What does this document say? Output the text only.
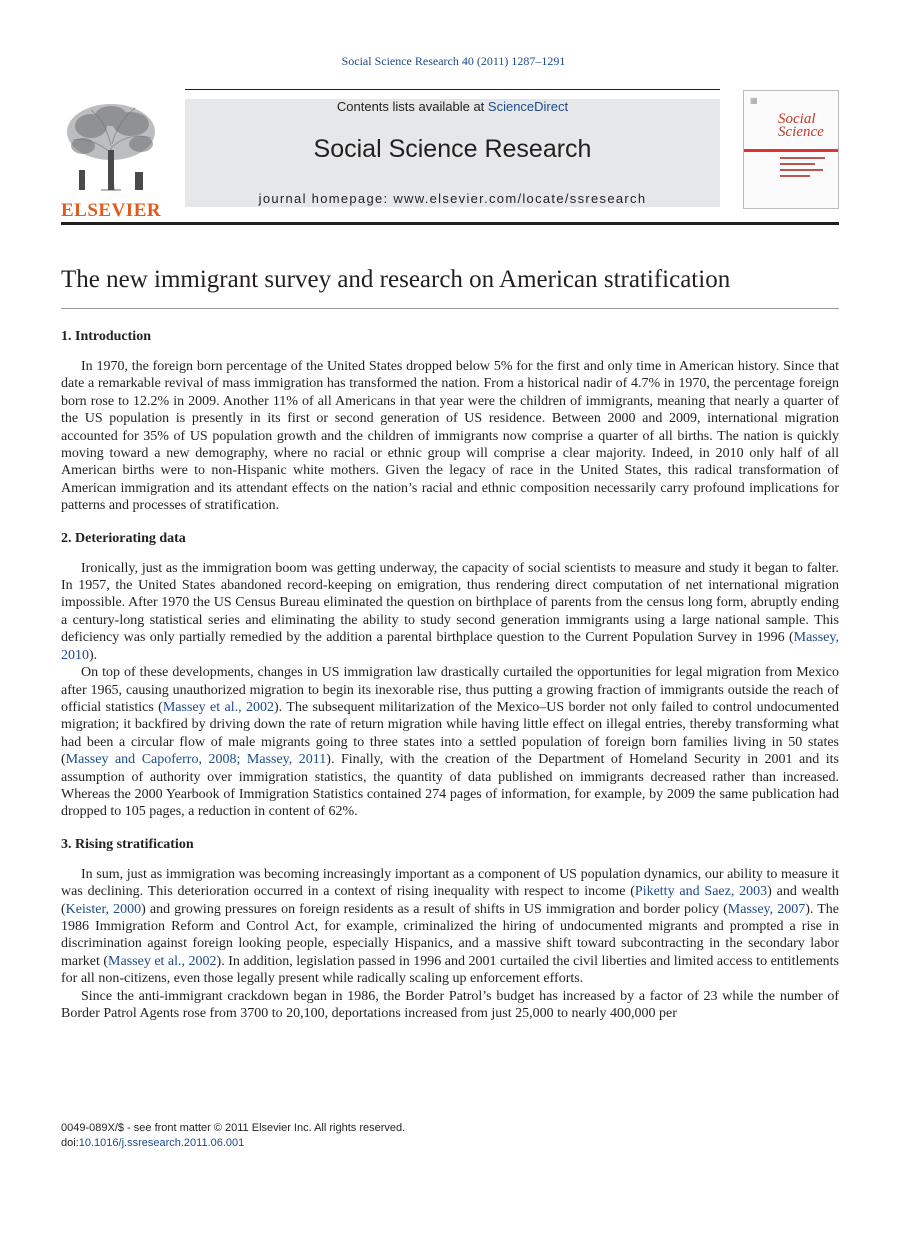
Social Science Research 40 (2011) 1287–1291
ELSEVIER
Contents lists available at ScienceDirect
Social Science Research
journal homepage: www.elsevier.com/locate/ssresearch
▦
Social
Science
The new immigrant survey and research on American stratification
1. Introduction

In 1970, the foreign born percentage of the United States dropped below 5% for the first and only time in American history. Since that date a remarkable revival of mass immigration has transformed the nation. From a historical nadir of 4.7% in 1970, the percentage foreign born rose to 12.2% in 2009. Another 11% of all Americans in that year were the children of immigrants, meaning that nearly a quarter of the US population is presently in its first or second generation of US residence. Between 2000 and 2009, international migration accounted for 35% of US population growth and the children of immigrants now comprise a quarter of all births. The nation is quickly moving toward a new demography, where no racial or ethnic group will comprise a clear majority. Indeed, in 2010 only half of all American births were to non-Hispanic white mothers. Given the legacy of race in the United States, this radical transformation of American immigration and its attendant effects on the nation’s racial and ethnic composition necessarily carry profound implications for patterns and processes of stratification.

2. Deteriorating data

Ironically, just as the immigration boom was getting underway, the capacity of social scientists to measure and study it began to falter. In 1957, the United States abandoned record-keeping on emigration, thus rendering direct computation of net international migration impossible. After 1970 the US Census Bureau eliminated the question on birthplace of parents from the census long form, abruptly ending a century-long statistical series and eliminating the ability to study second generation immigrants using a large national sample. This deficiency was only partially remedied by the addition a parental birthplace question to the Current Population Survey in 1996 (Massey, 2010).

On top of these developments, changes in US immigration law drastically curtailed the opportunities for legal migration from Mexico after 1965, causing unauthorized migration to begin its inexorable rise, thus putting a growing fraction of immigrants outside the reach of official statistics (Massey et al., 2002). The subsequent militarization of the Mexico–US border not only failed to control undocumented migration; it backfired by driving down the rate of return migration while having little effect on illegal entries, thereby transforming what had been a circular flow of male migrants going to three states into a settled population of foreign born families living in 50 states (Massey and Capoferro, 2008; Massey, 2011). Finally, with the creation of the Department of Homeland Security in 2001 and its assumption of authority over immigration statistics, the quantity of data published on immigrants decreased rather than increased. Whereas the 2000 Yearbook of Immigration Statistics contained 274 pages of information, for example, by 2009 the same publication had dropped to 105 pages, a reduction in content of 62%.

3. Rising stratification

In sum, just as immigration was becoming increasingly important as a component of US population dynamics, our ability to measure it was declining. This deterioration occurred in a context of rising inequality with respect to income (Piketty and Saez, 2003) and wealth (Keister, 2000) and growing pressures on foreign residents as a result of shifts in US immigration and border policy (Massey, 2007). The 1986 Immigration Reform and Control Act, for example, criminalized the hiring of undocumented migrants and prompted a rise in discrimination against foreign looking people, especially Hispanics, and a massive shift toward subcontracting in the secondary labor market (Massey et al., 2002). In addition, legislation passed in 1996 and 2001 curtailed the civil liberties and limited access to entitlements for all non-citizens, even those legally present while radically scaling up enforcement efforts.

Since the anti-immigrant crackdown began in 1986, the Border Patrol’s budget has increased by a factor of 23 while the number of Border Patrol Agents rose from 3700 to 20,100, deportations increased from just 25,000 to nearly 400,000 per

0049-089X/$ - see front matter © 2011 Elsevier Inc. All rights reserved.
doi:10.1016/j.ssresearch.2011.06.001
